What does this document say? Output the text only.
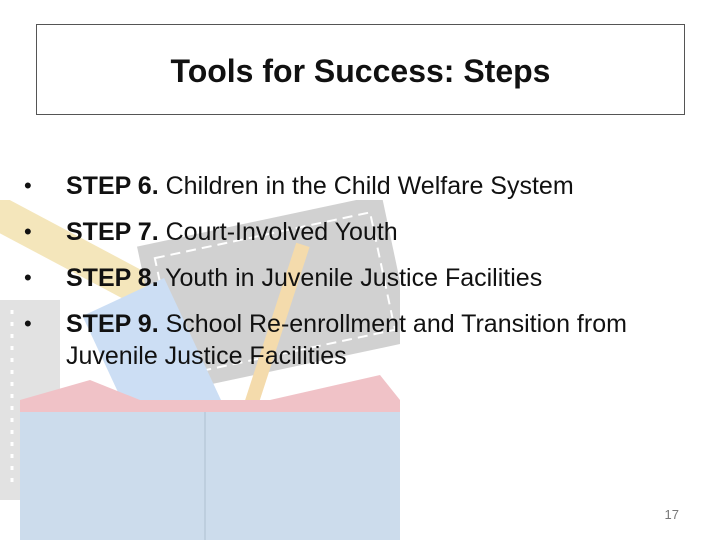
Tools for Success: Steps
•	STEP 6. Children in the Child Welfare System
•	STEP 7. Court-Involved Youth
•	STEP 8. Youth in Juvenile Justice Facilities
•	STEP 9. School Re-enrollment and Transition from Juvenile Justice Facilities
17
